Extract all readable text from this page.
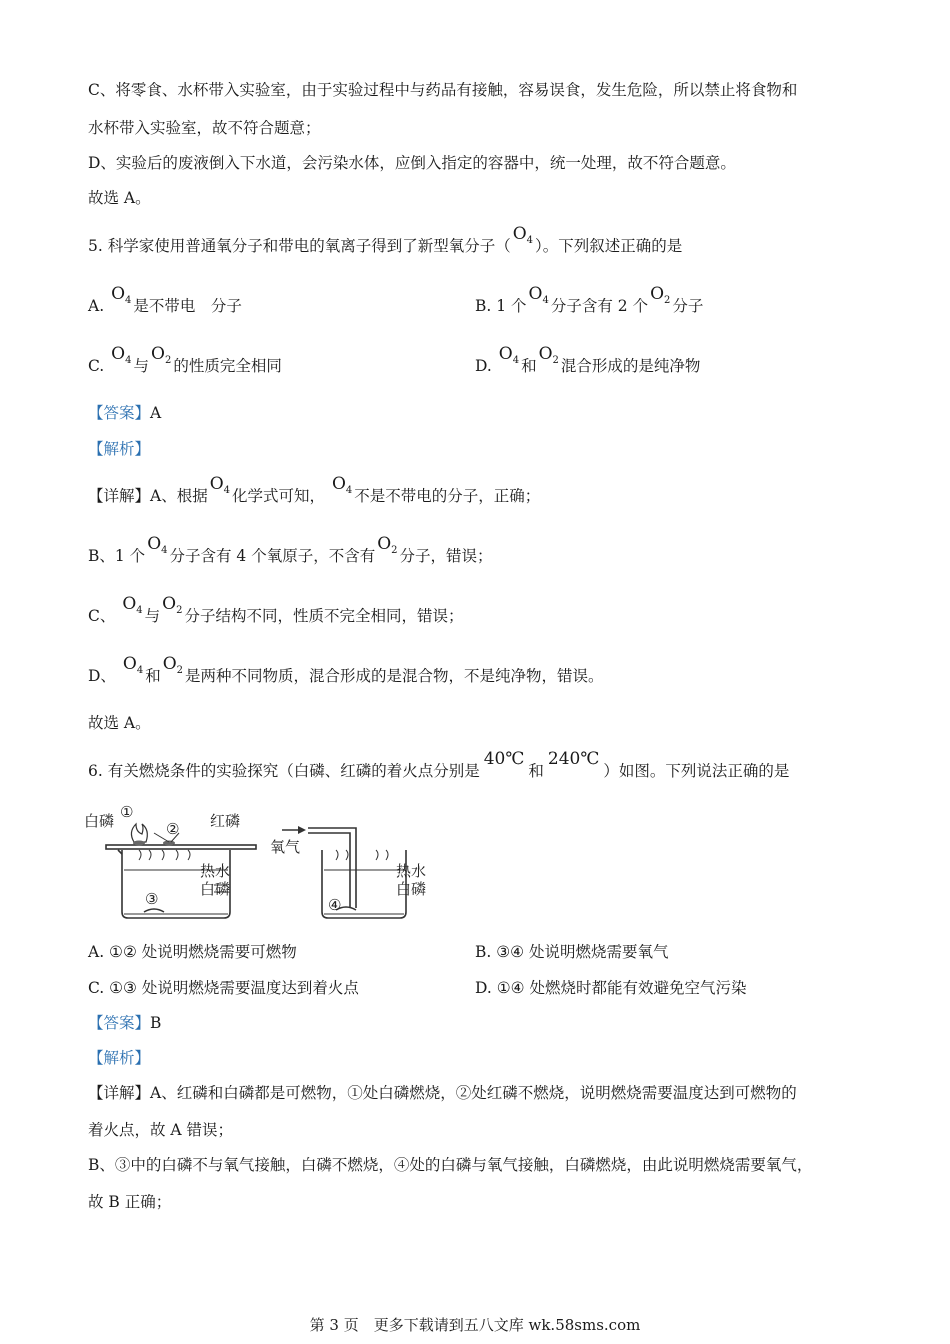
C、将零食、水杯带入实验室，由于实验过程中与药品有接触，容易误食，发生危险，所以禁止将食物和
水杯带入实验室，故不符合题意；
D、实验后的废液倒入下水道，会污染水体，应倒入指定的容器中，统一处理，故不符合题意。
故选 A。
5. 科学家使用普通氧分子和带电的氧离子得到了新型氧分子（$O_4$ ）。下列叙述正确的是
A. $O_4$ 是不带电　分子	B. 1 个$O_4$ 分子含有 2 个$O_2$ 分子
C. $O_4$ 与$O_2$ 的性质完全相同	D. $O_4$ 和$O_2$ 混合形成的是纯净物
【答案】A
【解析】
【详解】A、根据$O_4$ 化学式可知， $O_4$ 不是不带电的分子，正确；
B、1 个$O_4$ 分子含有 4 个氧原子，不含有$O_2$ 分子，错误；
C、 $O_4$ 与$O_2$ 分子结构不同，性质不完全相同，错误；
D、 $O_4$ 和$O_2$ 是两种不同物质，混合形成的是混合物，不是纯净物，错误。
故选 A。
6. 有关燃烧条件的实验探究（白磷、红磷的着火点分别是40℃和240℃）如图。下列说法正确的是
白磷 ①
② 红磷
热水
白磷
③
氧气
热水
白磷
④
A. ①② 处说明燃烧需要可燃物	B. ③④ 处说明燃烧需要氧气
C. ①③ 处说明燃烧需要温度达到着火点	D. ①④ 处燃烧时都能有效避免空气污染
【答案】B
【解析】
【详解】A、红磷和白磷都是可燃物，①处白磷燃烧，②处红磷不燃烧，说明燃烧需要温度达到可燃物的
着火点，故 A 错误；
B、③中的白磷不与氧气接触，白磷不燃烧，④处的白磷与氧气接触，白磷燃烧，由此说明燃烧需要氧气，
故 B 正确；
第 3 页　更多下载请到五八文库 wk.58sms.com
